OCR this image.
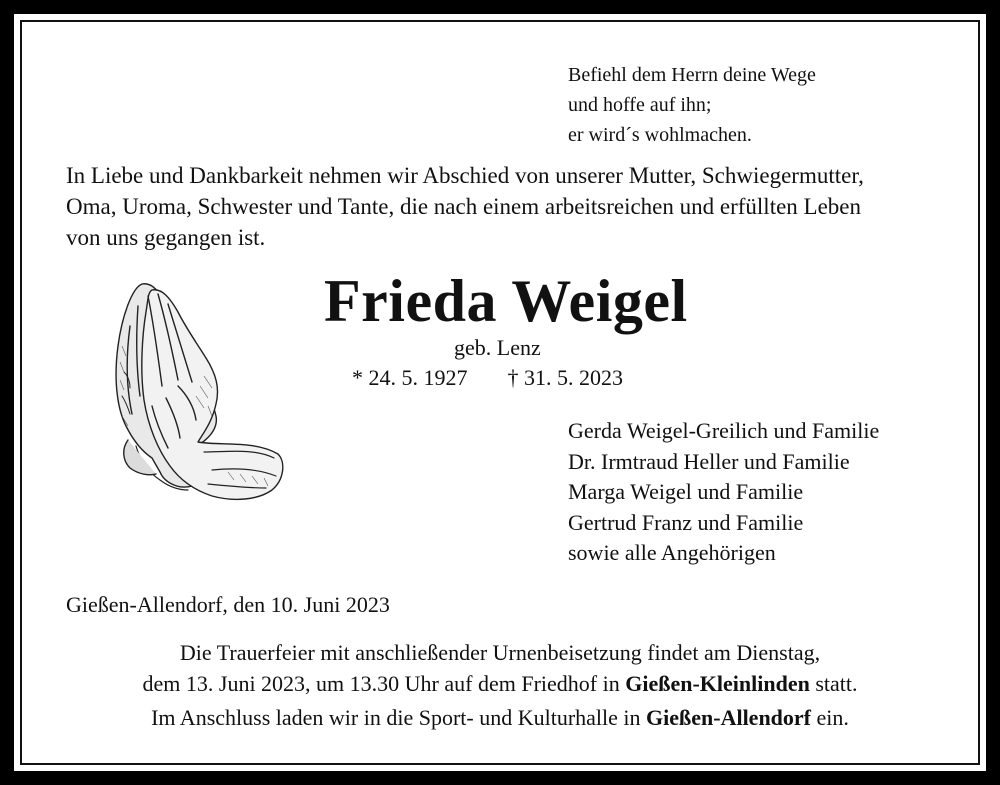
Befiehl dem Herrn deine Wege
und hoffe auf ihn;
er wird´s wohlmachen.
In Liebe und Dankbarkeit nehmen wir Abschied von unserer Mutter, Schwiegermutter,
Oma, Uroma, Schwester und Tante, die nach einem arbeitsreichen und erfüllten Leben
von uns gegangen ist.
Frieda Weigel
geb. Lenz
* 24. 5. 1927 † 31. 5. 2023
Gerda Weigel-Greilich und Familie
Dr. Irmtraud Heller und Familie
Marga Weigel und Familie
Gertrud Franz und Familie
sowie alle Angehörigen
Gießen-Allendorf, den 10. Juni 2023
Die Trauerfeier mit anschließender Urnenbeisetzung findet am Dienstag,
dem 13. Juni 2023, um 13.30 Uhr auf dem Friedhof in Gießen-Kleinlinden statt.
Im Anschluss laden wir in die Sport- und Kulturhalle in Gießen-Allendorf ein.
